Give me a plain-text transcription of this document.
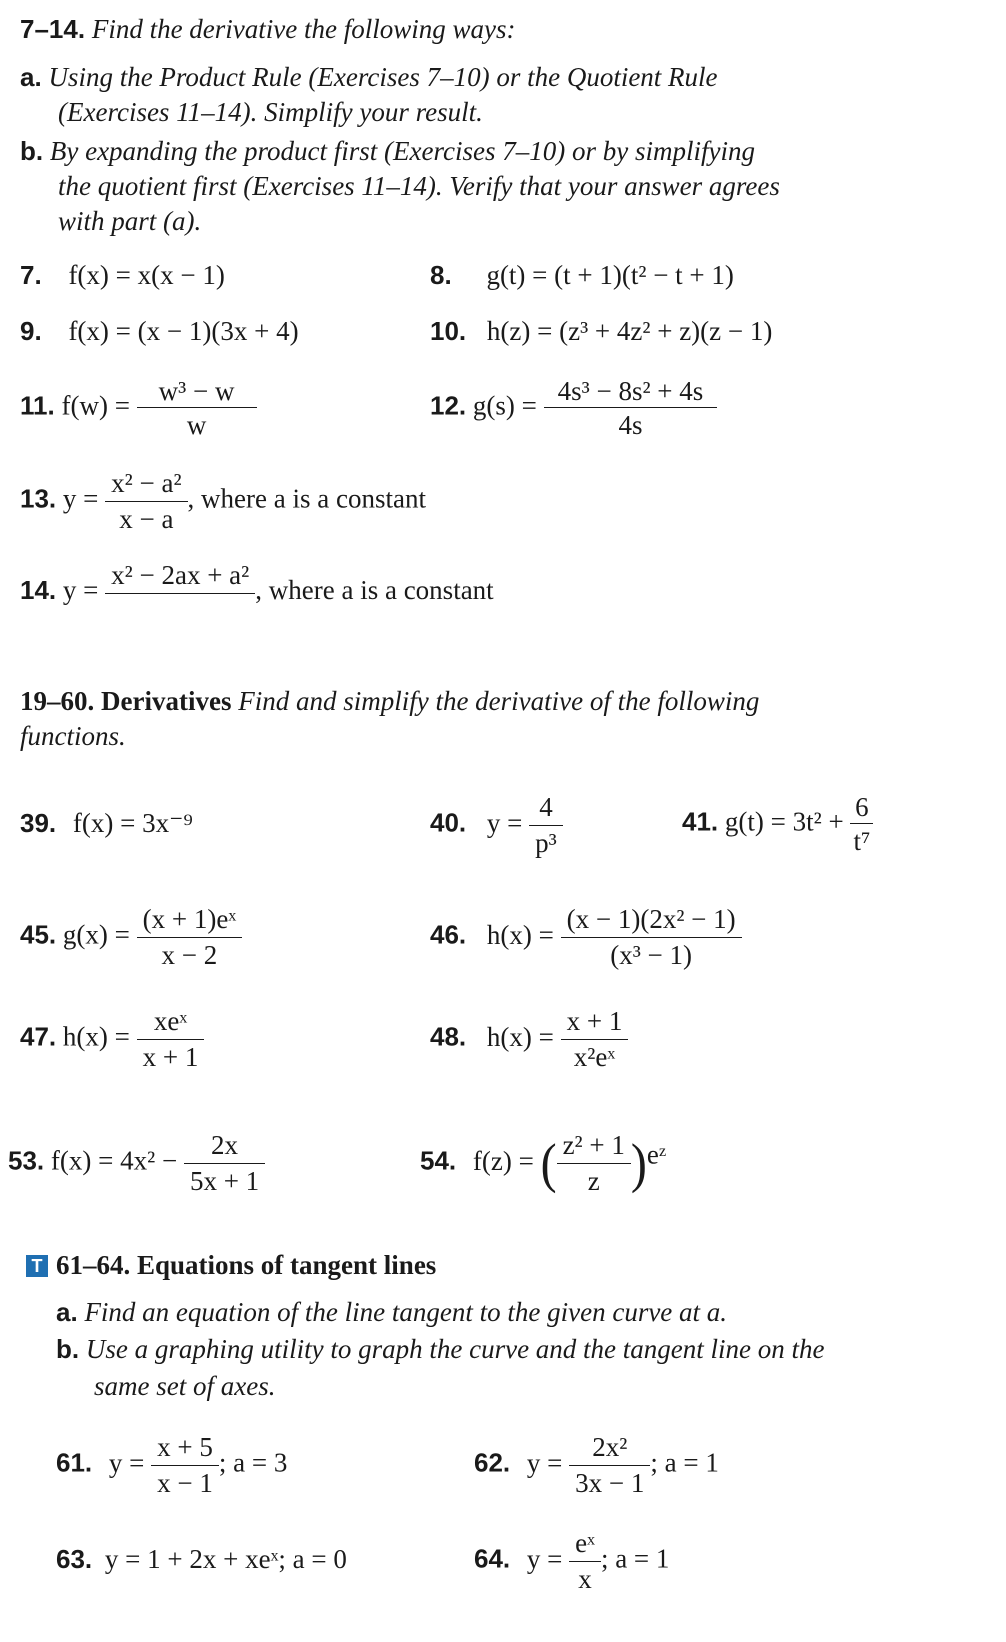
7–14. Find the derivative the following ways:
a. Using the Product Rule (Exercises 7–10) or the Quotient Rule
(Exercises 11–14). Simplify your result.
b. By expanding the product first (Exercises 7–10) or by simplifying
the quotient first (Exercises 11–14). Verify that your answer agrees
with part (a).
7. f(x) = x(x − 1)	8. g(t) = (t + 1)(t² − t + 1)
9. f(x) = (x − 1)(3x + 4)	10. h(z) = (z³ + 4z² + z)(z − 1)
11. $f(w) = \frac{\text{w³ − w}}{w}$	12. $g(s) = \frac{\text{4s³ − 8s² + 4s}}{4s}$
13. $y = \frac{\text{x² − a²}}{x - a}$ , where a is a constant
14. y =
x² − 2ax + a²
, where a is a constant
19–60. Derivatives Find and simplify the derivative of the following
functions.
39. f(x) = 3x⁻⁹	40. $y = \frac{4}{\text{p³}}$	41. $g(t) = 3t^2 + \frac{6}{\text{t⁷}}$
45. $g(x) = \frac{\text{(x + 1)eˣ}}{x - 2}$	46. $h(x) = \frac{\text{(x − 1)(2x² − 1)}}{\text{(x³ − 1)}}$
47. $h(x) = \frac{\text{xeˣ}}{x + 1}$	48. $h(x) = \frac{x + 1}{\text{x²eˣ}}$
53. $f(x) = 4x^2 - \frac{2x}{5x + 1}$	54. f(z) = ( $\frac{\text{z² + 1}}{z}$ )eᶻ
T 61–64. Equations of tangent lines
a. Find an equation of the line tangent to the given curve at a.
b. Use a graphing utility to graph the curve and the tangent line on the
same set of axes.
61. $y = \frac{x + 5}{x - 1}$ ; a = 3	62. $y = \frac{\text{2x²}}{3x - 1}$ ; a = 1
63. y = 1 + 2x + xeˣ; a = 0	64. $y = \frac{\text{eˣ}}{x}$ ; a = 1
